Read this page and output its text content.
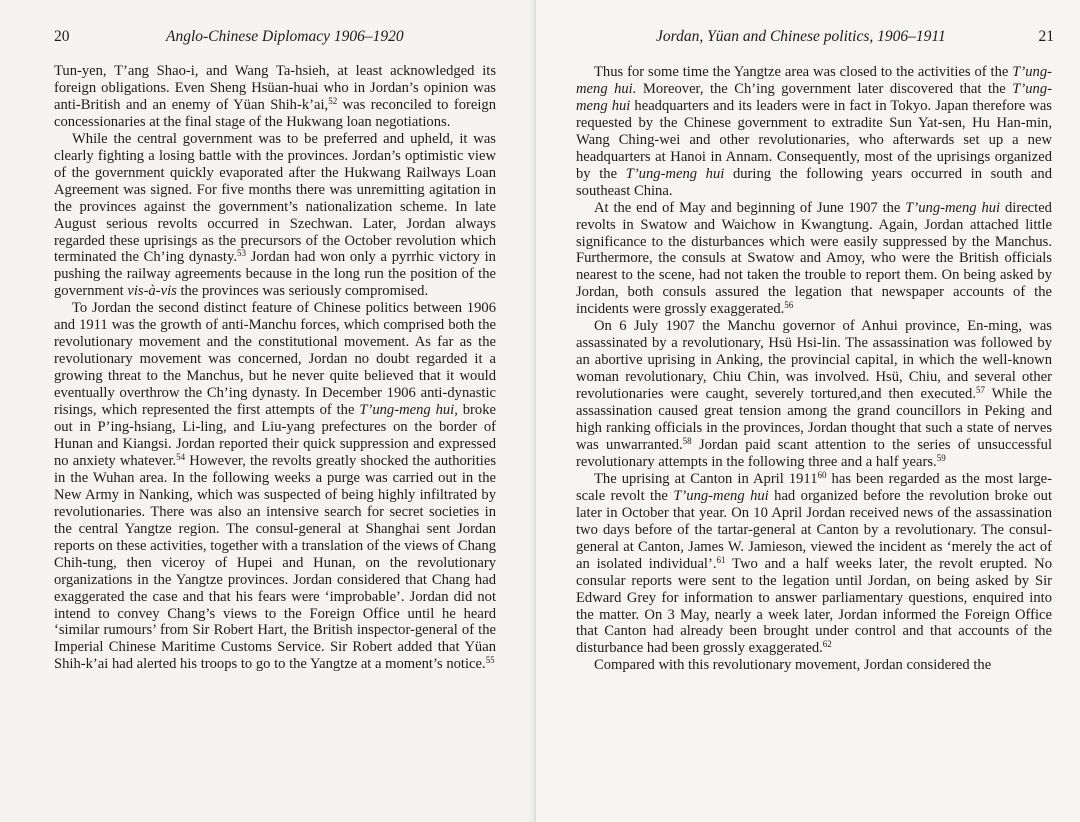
20	Anglo-Chinese Diplomacy 1906–1920

Tun-yen, T’ang Shao-i, and Wang Ta-hsieh, at least acknowledged its foreign obligations. Even Sheng Hsüan-huai who in Jordan’s opinion was anti-British and an enemy of Yüan Shih-k’ai,$^{52}$ was reconciled to foreign concessionaries at the final stage of the Hukwang loan negotiations.

While the central government was to be preferred and upheld, it was clearly fighting a losing battle with the provinces. Jordan’s optimistic view of the government quickly evaporated after the Hukwang Railways Loan Agreement was signed. For five months there was unremitting agitation in the provinces against the government’s nationalization scheme. In late August serious revolts occurred in Szechwan. Later, Jordan always regarded these uprisings as the precursors of the October revolution which terminated the Ch’ing dynasty.$^{53}$ Jordan had won only a pyrrhic victory in pushing the railway agreements because in the long run the position of the government vis-à-vis the provinces was seriously compromised.

To Jordan the second distinct feature of Chinese politics between 1906 and 1911 was the growth of anti-Manchu forces, which comprised both the revolutionary movement and the constitutional movement. As far as the revolutionary movement was concerned, Jordan no doubt regarded it a growing threat to the Manchus, but he never quite believed that it would eventually overthrow the Ch’ing dynasty. In December 1906 anti-dynastic risings, which represented the first attempts of the T’ung-meng hui, broke out in P’ing-hsiang, Li-ling, and Liu-yang prefectures on the border of Hunan and Kiangsi. Jordan reported their quick suppression and expressed no anxiety whatever.$^{54}$ However, the revolts greatly shocked the authorities in the Wuhan area. In the following weeks a purge was carried out in the New Army in Nanking, which was suspected of being highly infiltrated by revolutionaries. There was also an intensive search for secret societies in the central Yangtze region. The consul-general at Shanghai sent Jordan reports on these activities, together with a translation of the views of Chang Chih-tung, then viceroy of Hupei and Hunan, on the revolutionary organizations in the Yangtze provinces. Jordan considered that Chang had exaggerated the case and that his fears were ‘improbable’. Jordan did not intend to convey Chang’s views to the Foreign Office until he heard ‘similar rumours’ from Sir Robert Hart, the British inspector-general of the Imperial Chinese Maritime Customs Service. Sir Robert added that Yüan Shih-k’ai had alerted his troops to go to the Yangtze at a moment’s notice.$^{55}$

Jordan, Yüan and Chinese politics, 1906–1911	21

Thus for some time the Yangtze area was closed to the activities of the T’ung-meng hui. Moreover, the Ch’ing government later discovered that the T’ung-meng hui headquarters and its leaders were in fact in Tokyo. Japan therefore was requested by the Chinese government to extradite Sun Yat-sen, Hu Han-min, Wang Ching-wei and other revolutionaries, who afterwards set up a new headquarters at Hanoi in Annam. Consequently, most of the uprisings organized by the T’ung-meng hui during the following years occurred in south and southeast China.

At the end of May and beginning of June 1907 the T’ung-meng hui directed revolts in Swatow and Waichow in Kwangtung. Again, Jordan attached little significance to the disturbances which were easily suppressed by the Manchus. Furthermore, the consuls at Swatow and Amoy, who were the British officials nearest to the scene, had not taken the trouble to report them. On being asked by Jordan, both consuls assured the legation that newspaper accounts of the incidents were grossly exaggerated.$^{56}$

On 6 July 1907 the Manchu governor of Anhui province, En-ming, was assassinated by a revolutionary, Hsü Hsi-lin. The assassination was followed by an abortive uprising in Anking, the provincial capital, in which the well-known woman revolutionary, Chiu Chin, was involved. Hsü, Chiu, and several other revolutionaries were caught, severely tortured,and then executed.$^{57}$ While the assassination caused great tension among the grand councillors in Peking and high ranking officials in the provinces, Jordan thought that such a state of nerves was unwarranted.$^{58}$ Jordan paid scant attention to the series of unsuccessful revolutionary attempts in the following three and a half years.$^{59}$

The uprising at Canton in April 1911$^{60}$ has been regarded as the most large-scale revolt the T’ung-meng hui had organized before the revolution broke out later in October that year. On 10 April Jordan received news of the assassination two days before of the tartar-general at Canton by a revolutionary. The consul-general at Canton, James W. Jamieson, viewed the incident as ‘merely the act of an isolated individual’.$^{61}$ Two and a half weeks later, the revolt erupted. No consular reports were sent to the legation until Jordan, on being asked by Sir Edward Grey for information to answer parliamentary questions, enquired into the matter. On 3 May, nearly a week later, Jordan informed the Foreign Office that Canton had already been brought under control and that accounts of the disturbance had been grossly exaggerated.$^{62}$

Compared with this revolutionary movement, Jordan considered the
